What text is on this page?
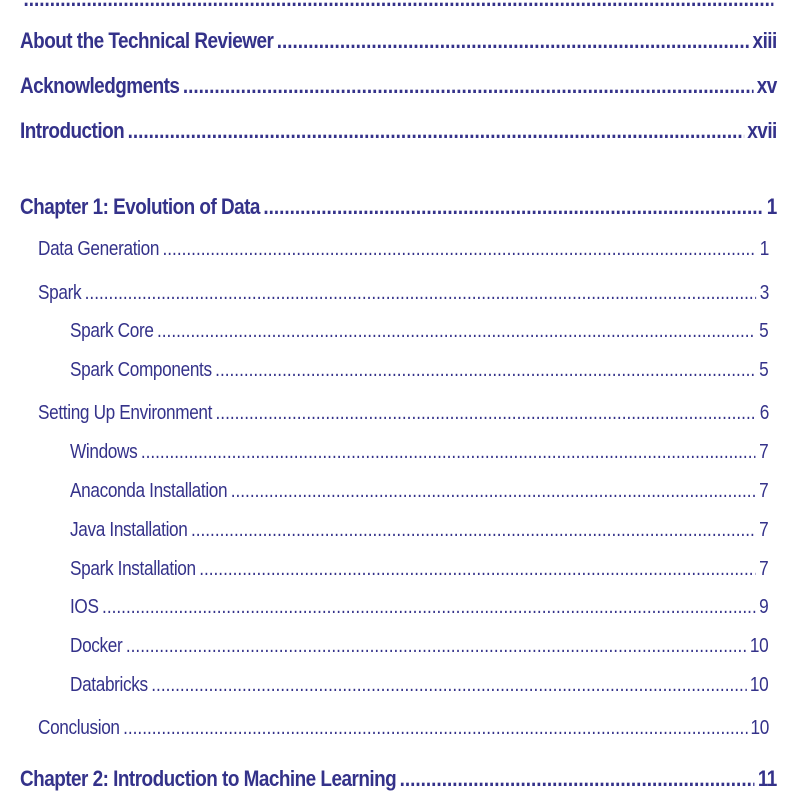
.....
About the Technical Reviewer .....	xiii
Acknowledgments .....	xv
Introduction .....	xvii
Chapter 1: Evolution of Data .....	1
Data Generation .....	1
Spark .....	3
Spark Core .....	5
Spark Components .....	5
Setting Up Environment .....	6
Windows .....	7
Anaconda Installation .....	7
Java Installation .....	7
Spark Installation .....	7
IOS .....	9
Docker .....	10
Databricks .....	10
Conclusion .....	10
Chapter 2: Introduction to Machine Learning .....	11
